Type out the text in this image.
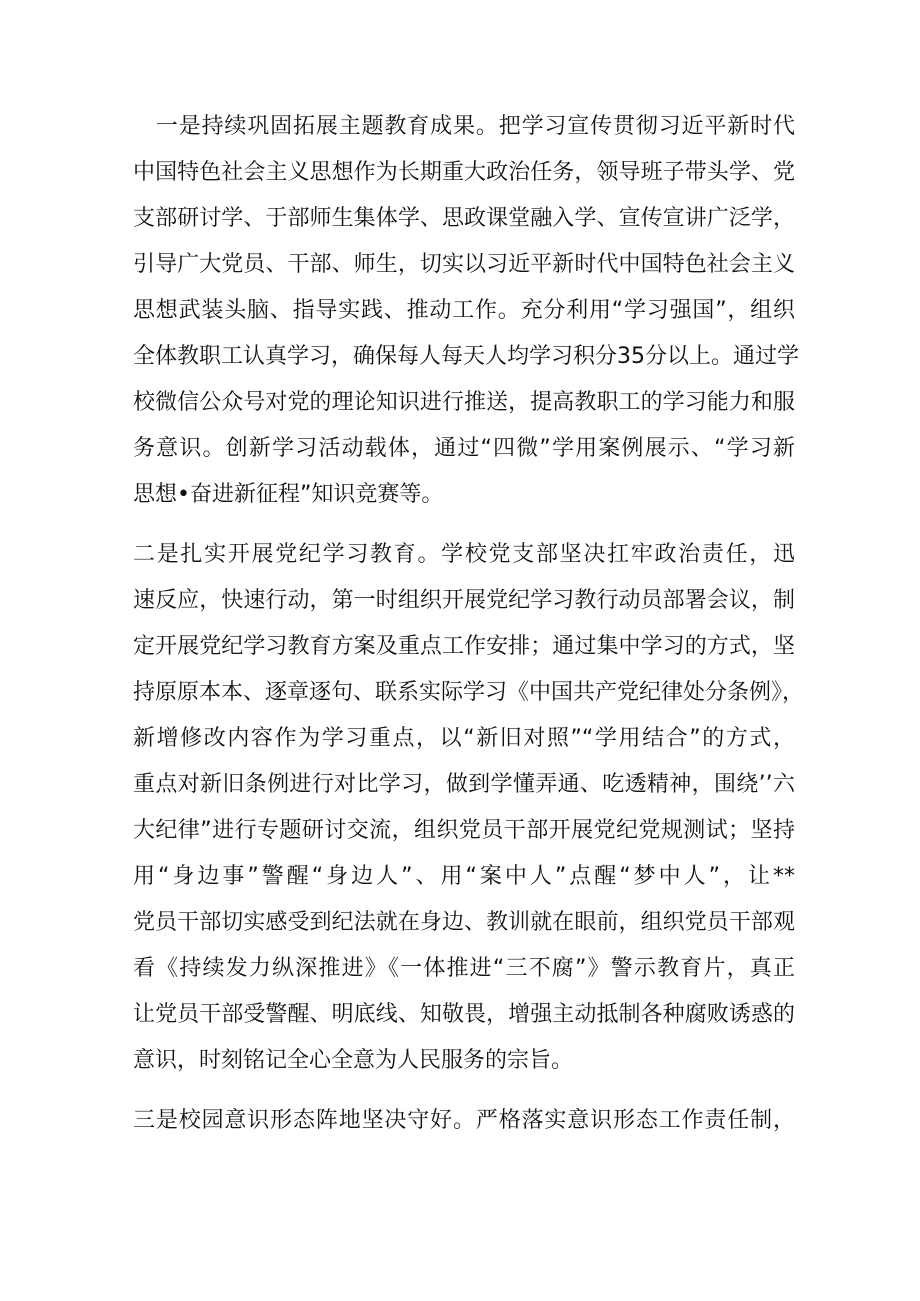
　一是持续巩固拓展主题教育成果。把学习宣传贯彻习近平新时代
中国特色社会主义思想作为长期重大政治任务，领导班子带头学、党
支部研讨学、于部师生集体学、思政课堂融入学、宣传宣讲广泛学，
引导广大党员、干部、师生，切实以习近平新时代中国特色社会主义
思想武装头脑、指导实践、推动工作。充分利用“学习强国”，组织
全体教职工认真学习，确保每人每天人均学习积分35分以上。通过学
校微信公众号对党的理论知识进行推送，提高教职工的学习能力和服
务意识。创新学习活动载体，通过“四微”学用案例展示、“学习新
思想•奋进新征程”知识竞赛等。
二是扎实开展党纪学习教育。学校党支部坚决扛牢政治责任，迅
速反应，快速行动，第一时组织开展党纪学习教行动员部署会议，制
定开展党纪学习教育方案及重点工作安排；通过集中学习的方式，坚
持原原本本、逐章逐句、联系实际学习《中国共产党纪律处分条例》，
新增修改内容作为学习重点，以“新旧对照”“学用结合”的方式，
重点对新旧条例进行对比学习，做到学懂弄通、吃透精神，围绕’’六
大纪律”进行专题研讨交流，组织党员干部开展党纪党规测试；坚持
用“身边事”警醒“身边人”、用“案中人”点醒“梦中人”，让**
党员干部切实感受到纪法就在身边、教训就在眼前，组织党员干部观
看《持续发力纵深推进》《一体推进“三不腐”》警示教育片，真正
让党员干部受警醒、明底线、知敬畏，增强主动抵制各种腐败诱惑的
意识，时刻铭记全心全意为人民服务的宗旨。
三是校园意识形态阵地坚决守好。严格落实意识形态工作责任制，
